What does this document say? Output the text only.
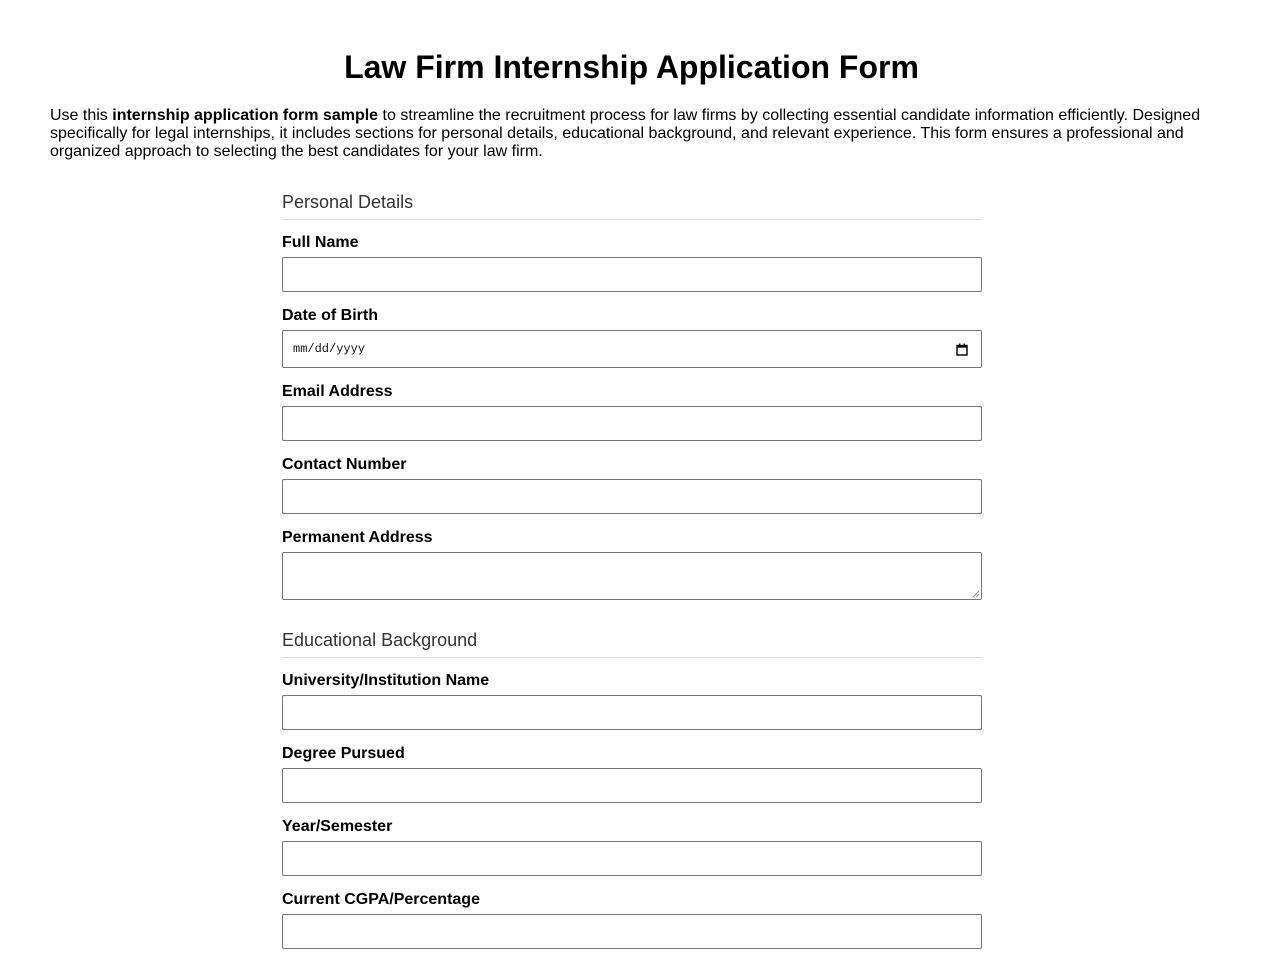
Law Firm Internship Application Form

Use this internship application form sample to streamline the recruitment process for law firms by collecting essential candidate information efficiently. Designed specifically for legal internships, it includes sections for personal details, educational background, and relevant experience. This form ensures a professional and organized approach to selecting the best candidates for your law firm.

Personal Details
Full Name
Date of Birth
mm/dd/yyyy
Email Address
Contact Number
Permanent Address
Educational Background
University/Institution Name
Degree Pursued
Year/Semester
Current CGPA/Percentage
